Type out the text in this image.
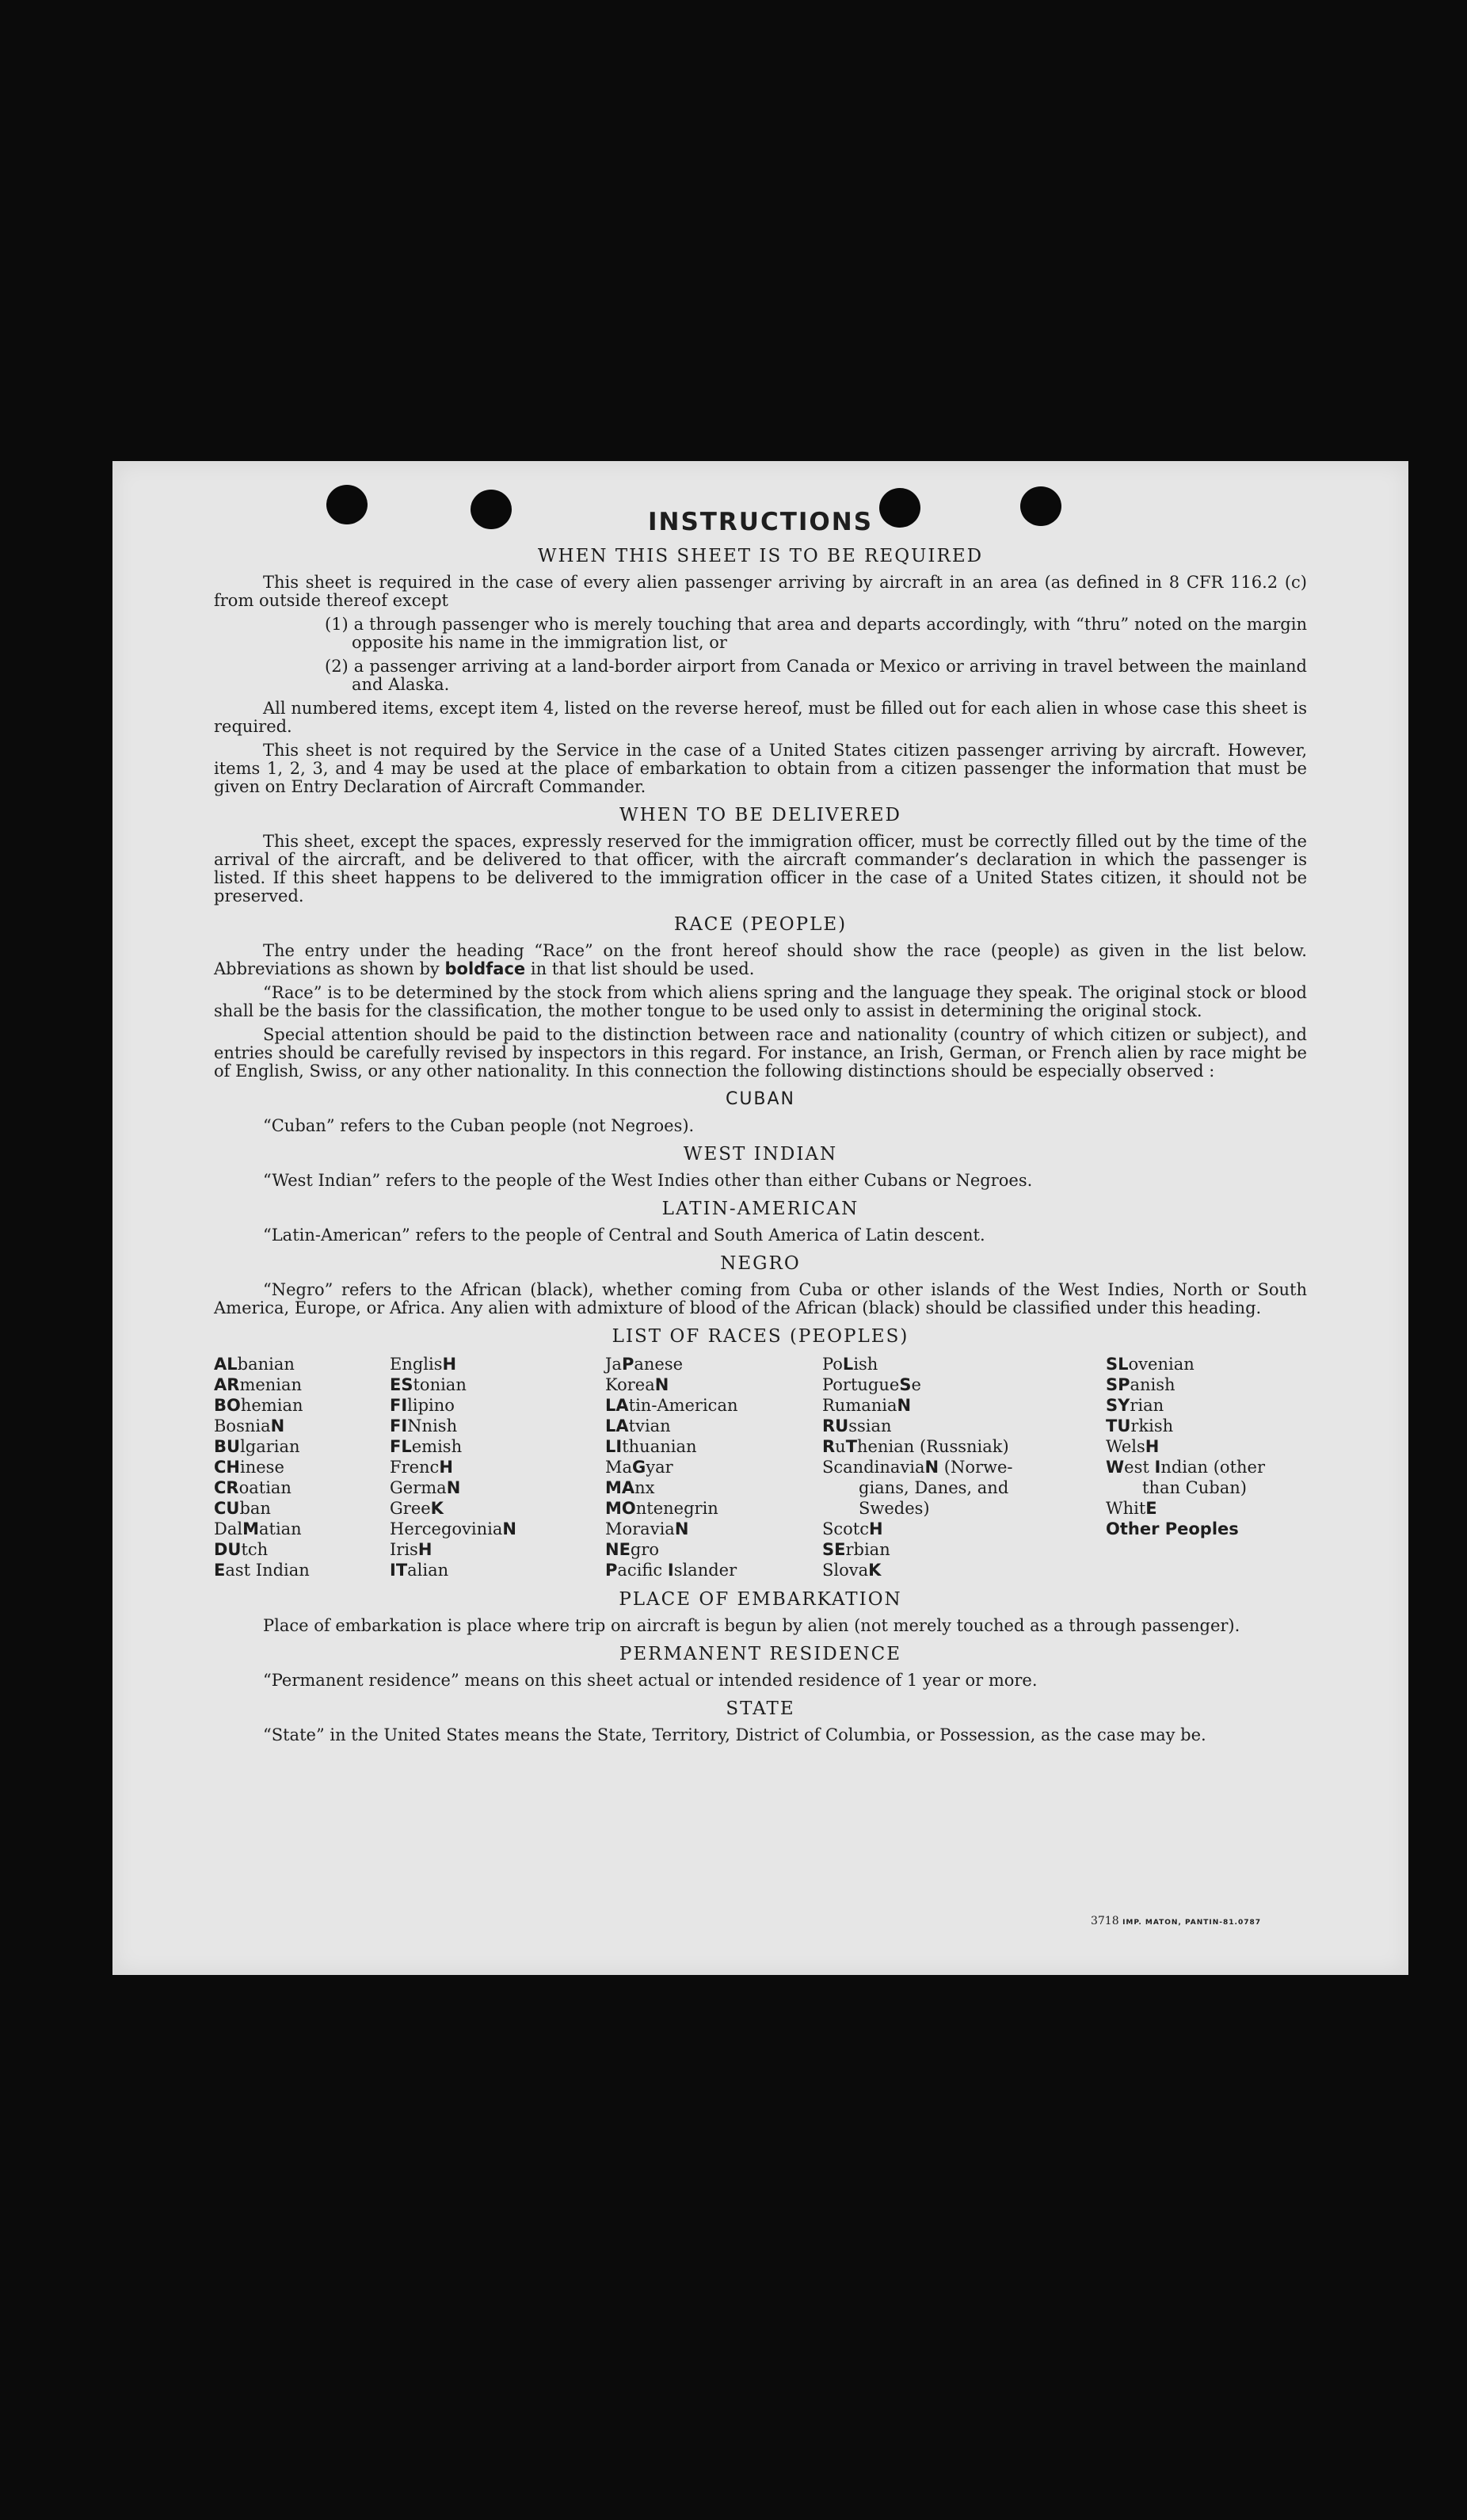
INSTRUCTIONS
WHEN THIS SHEET IS TO BE REQUIRED

This sheet is required in the case of every alien passenger arriving by aircraft in an area (as defined in 8 CFR 116.2 (c) from outside thereof except

(1) a through passenger who is merely touching that area and departs accordingly, with “thru” noted on the margin opposite his name in the immigration list, or

(2) a passenger arriving at a land-border airport from Canada or Mexico or arriving in travel between the mainland and Alaska.

All numbered items, except item 4, listed on the reverse hereof, must be filled out for each alien in whose case this sheet is required.

This sheet is not required by the Service in the case of a United States citizen passenger arriving by aircraft. However, items 1, 2, 3, and 4 may be used at the place of embarkation to obtain from a citizen passenger the information that must be given on Entry Declaration of Aircraft Commander.

WHEN TO BE DELIVERED

This sheet, except the spaces, expressly reserved for the immigration officer, must be correctly filled out by the time of the arrival of the aircraft, and be delivered to that officer, with the aircraft commander’s declaration in which the passenger is listed. If this sheet happens to be delivered to the immigration officer in the case of a United States citizen, it should not be preserved.

RACE (PEOPLE)

The entry under the heading “Race” on the front hereof should show the race (people) as given in the list below. Abbreviations as shown by boldface in that list should be used.

“Race” is to be determined by the stock from which aliens spring and the language they speak. The original stock or blood shall be the basis for the classification, the mother tongue to be used only to assist in determining the original stock.

Special attention should be paid to the distinction between race and nationality (country of which citizen or subject), and entries should be carefully revised by inspectors in this regard. For instance, an Irish, German, or French alien by race might be of English, Swiss, or any other nationality. In this connection the following distinctions should be especially observed :

CUBAN

“Cuban” refers to the Cuban people (not Negroes).

WEST INDIAN

“West Indian” refers to the people of the West Indies other than either Cubans or Negroes.

LATIN-AMERICAN

“Latin-American” refers to the people of Central and South America of Latin descent.

NEGRO

“Negro” refers to the African (black), whether coming from Cuba or other islands of the West Indies, North or South America, Europe, or Africa. Any alien with admixture of blood of the African (black) should be classified under this heading.

LIST OF RACES (PEOPLES)
ALbanian
ARmenian
BOhemian
BosniaN
BUlgarian
CHinese
CRoatian
CUban
DalMatian
DUtch
East Indian
EnglisH
EStonian
FIlipino
FINnish
FLemish
FrencH
GermaN
GreeK
HercegoviniaN
IrisH
ITalian
JaPanese
KoreaN
LAtin-American
LAtvian
LIthuanian
MaGyar
MAnx
MOntenegrin
MoraviaN
NEgro
Pacific Islander
PoLish
PortugueSe
RumaniaN
RUssian
RuThenian (Russniak)
ScandinaviaN (Norwe-
gians, Danes, and
Swedes)
ScotcH
SErbian
SlovaK
SLovenian
SPanish
SYrian
TUrkish
WelsH
West Indian (other
than Cuban)
WhitE
Other Peoples
PLACE OF EMBARKATION

Place of embarkation is place where trip on aircraft is begun by alien (not merely touched as a through passenger).

PERMANENT RESIDENCE

“Permanent residence” means on this sheet actual or intended residence of 1 year or more.

STATE

“State” in the United States means the State, Territory, District of Columbia, or Possession, as the case may be.

3718 IMP. MATON, PANTIN-81.0787
